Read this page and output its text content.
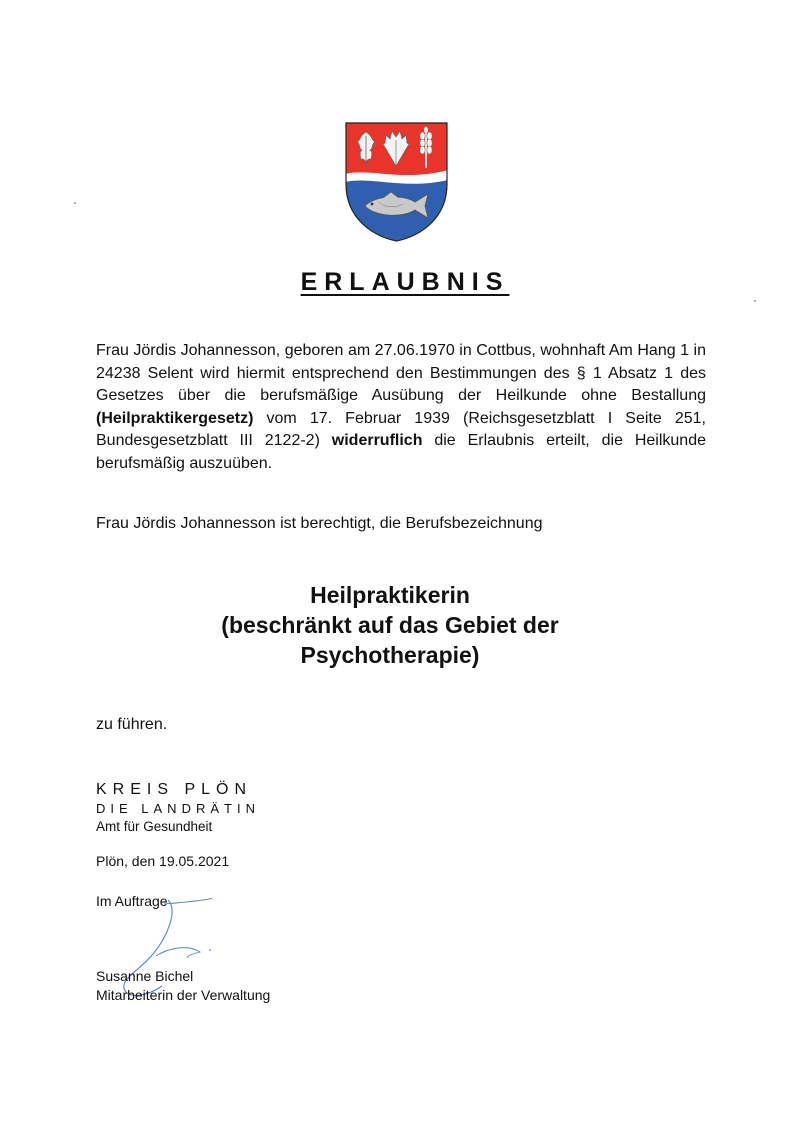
ERLAUBNIS

Frau Jördis Johannesson, geboren am 27.06.1970 in Cottbus, wohnhaft Am Hang 1 in 24238 Selent wird hiermit entsprechend den Bestimmungen des § 1 Absatz 1 des Gesetzes über die berufsmäßige Ausübung der Heilkunde ohne Bestallung (Heilpraktikergesetz) vom 17. Februar 1939 (Reichsgesetzblatt I Seite 251, Bundesgesetzblatt III 2122-2) widerruflich die Erlaubnis erteilt, die Heilkunde berufsmäßig auszuüben.

Frau Jördis Johannesson ist berechtigt, die Berufsbezeichnung

Heilpraktikerin
(beschränkt auf das Gebiet der
Psychotherapie)
zu führen.
KREIS PLÖN
DIE LANDRÄTIN
Amt für Gesundheit
Plön, den 19.05.2021
Im Auftrage
Susanne Bichel
Mitarbeiterin der Verwaltung
